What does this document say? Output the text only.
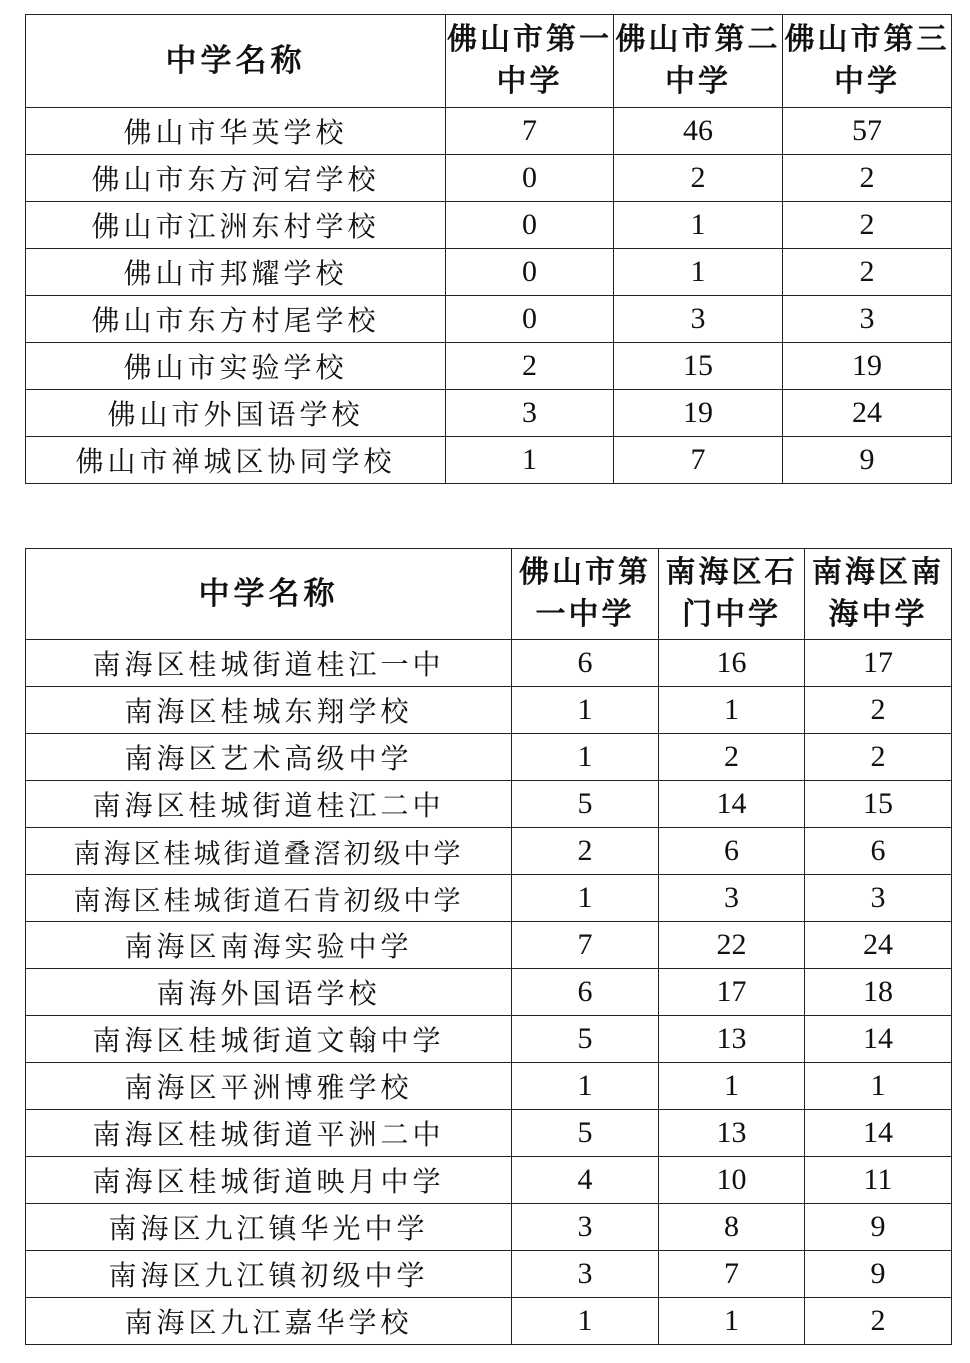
中学名称	佛山市第一中学	佛山市第二中学	佛山市第三中学
佛山市华英学校	7	46	57
佛山市东方河宕学校	0	2	2
佛山市江洲东村学校	0	1	2
佛山市邦耀学校	0	1	2
佛山市东方村尾学校	0	3	3
佛山市实验学校	2	15	19
佛山市外国语学校	3	19	24
佛山市禅城区协同学校	1	7	9
中学名称	佛山市第一中学	南海区石门中学	南海区南海中学
南海区桂城街道桂江一中	6	16	17
南海区桂城东翔学校	1	1	2
南海区艺术高级中学	1	2	2
南海区桂城街道桂江二中	5	14	15
南海区桂城街道叠滘初级中学	2	6	6
南海区桂城街道石肯初级中学	1	3	3
南海区南海实验中学	7	22	24
南海外国语学校	6	17	18
南海区桂城街道文翰中学	5	13	14
南海区平洲博雅学校	1	1	1
南海区桂城街道平洲二中	5	13	14
南海区桂城街道映月中学	4	10	11
南海区九江镇华光中学	3	8	9
南海区九江镇初级中学	3	7	9
南海区九江嘉华学校	1	1	2
